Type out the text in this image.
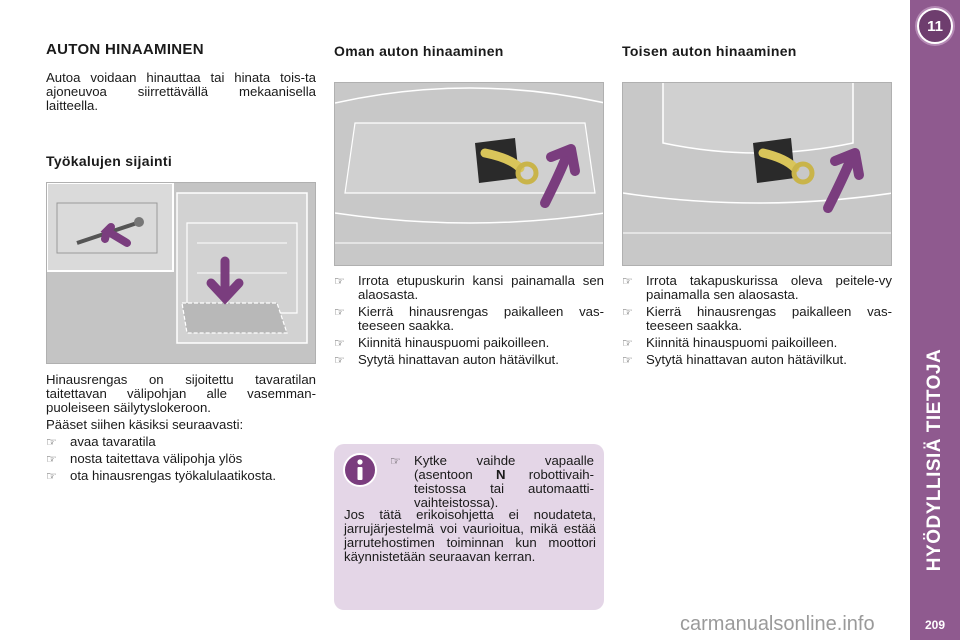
AUTON HINAAMINEN

Autoa voidaan hinauttaa tai hinata tois-ta ajoneuvoa siirrettävällä mekaanisella laitteella.

Työkalujen sijainti

Hinausrengas on sijoitettu tavaratilan taitettavan välipohjan alle vasemman-puoleiseen säilytyslokeroon.

Pääset siihen käsiksi seuraavasti:

☞ avaa tavaratila
☞ nosta taitettava välipohja ylös
☞ ota hinausrengas työkalulaatikosta.
Oman auton hinaaminen
☞ Irrota etupuskurin kansi painamalla sen alaosasta.
☞ Kierrä hinausrengas paikalleen vas-teeseen saakka.
☞ Kiinnitä hinauspuomi paikoilleen.
☞ Sytytä hinattavan auton hätävilkut.
☞ Kytke vaihde vapaalle (asentoon N robottivaih-teistossa tai automaatti-vaihteistossa).

Jos tätä erikoisohjetta ei noudateta, jarrujärjestelmä voi vaurioitua, mikä estää jarrutehostimen toiminnan kun moottori käynnistetään seuraavan kerran.

Toisen auton hinaaminen
☞ Irrota takapuskurissa oleva peitele-vy painamalla sen alaosasta.
☞ Kierrä hinausrengas paikalleen vas-teeseen saakka.
☞ Kiinnitä hinauspuomi paikoilleen.
☞ Sytytä hinattavan auton hätävilkut.
11
HYÖDYLLISIÄ TIETOJA
209
carmanualsonline.info
